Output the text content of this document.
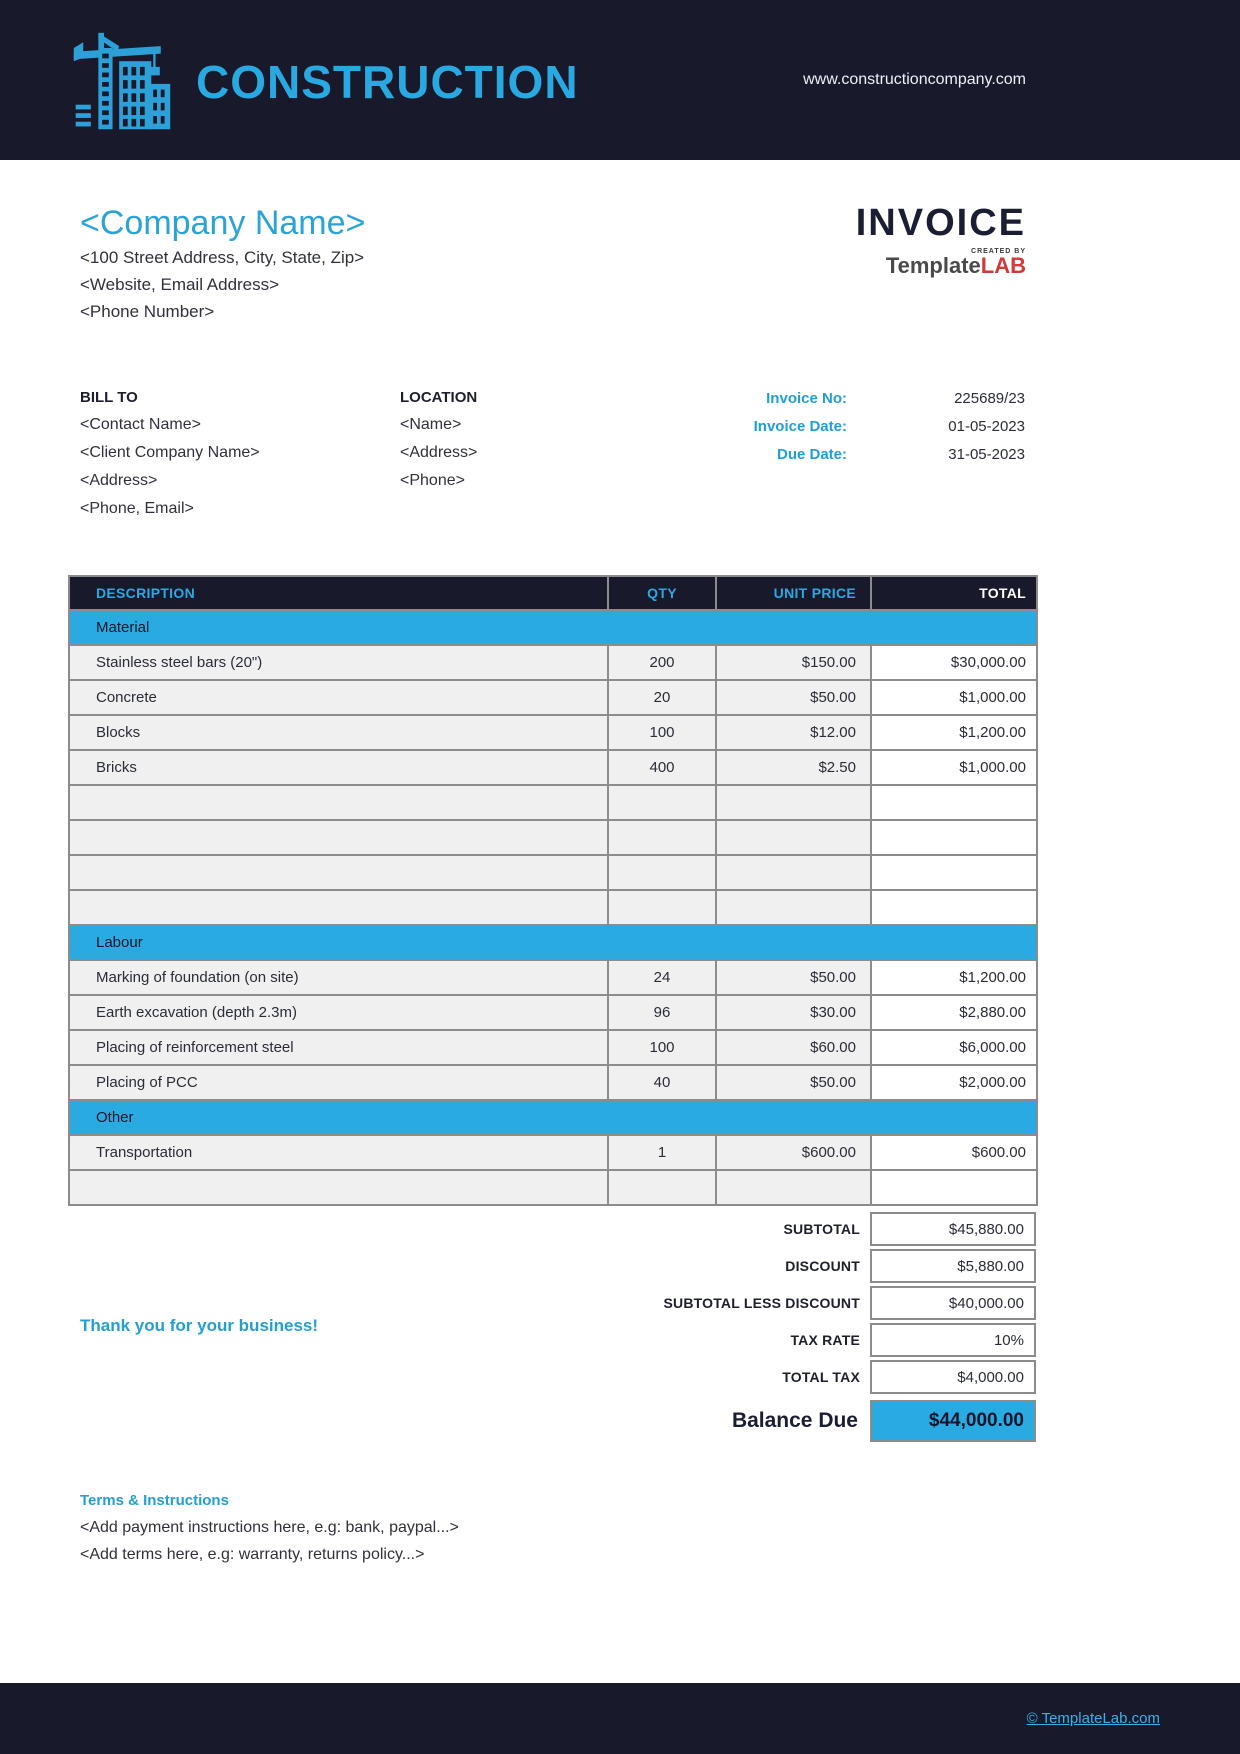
CONSTRUCTION	www.constructioncompany.com
<Company Name>
<100 Street Address, City, State, Zip>
<Website, Email Address>
<Phone Number>
INVOICE
CREATED BY
TemplateLAB
BILL TO
<Contact Name>
<Client Company Name>
<Address>
<Phone, Email>
LOCATION
<Name>
<Address>
<Phone>
Invoice No:	225689/23
Invoice Date:	01-05-2023
Due Date:	31-05-2023
DESCRIPTION	QTY	UNIT PRICE	TOTAL
Material			
Stainless steel bars (20")	200	$150.00	$30,000.00
Concrete	20	$50.00	$1,000.00
Blocks	100	$12.00	$1,200.00
Bricks	400	$2.50	$1,000.00

Labour			
Marking of foundation (on site)	24	$50.00	$1,200.00
Earth excavation (depth 2.3m)	96	$30.00	$2,880.00
Placing of reinforcement steel	100	$60.00	$6,000.00
Placing of PCC	40	$50.00	$2,000.00
Other			
Transportation	1	$600.00	$600.00

SUBTOTAL	$45,880.00
DISCOUNT	$5,880.00
SUBTOTAL LESS DISCOUNT	$40,000.00
TAX RATE	10%
TOTAL TAX	$4,000.00
Balance Due	$44,000.00
Thank you for your business!
Terms & Instructions
<Add payment instructions here, e.g: bank, paypal...>
<Add terms here, e.g: warranty, returns policy...>
© TemplateLab.com
